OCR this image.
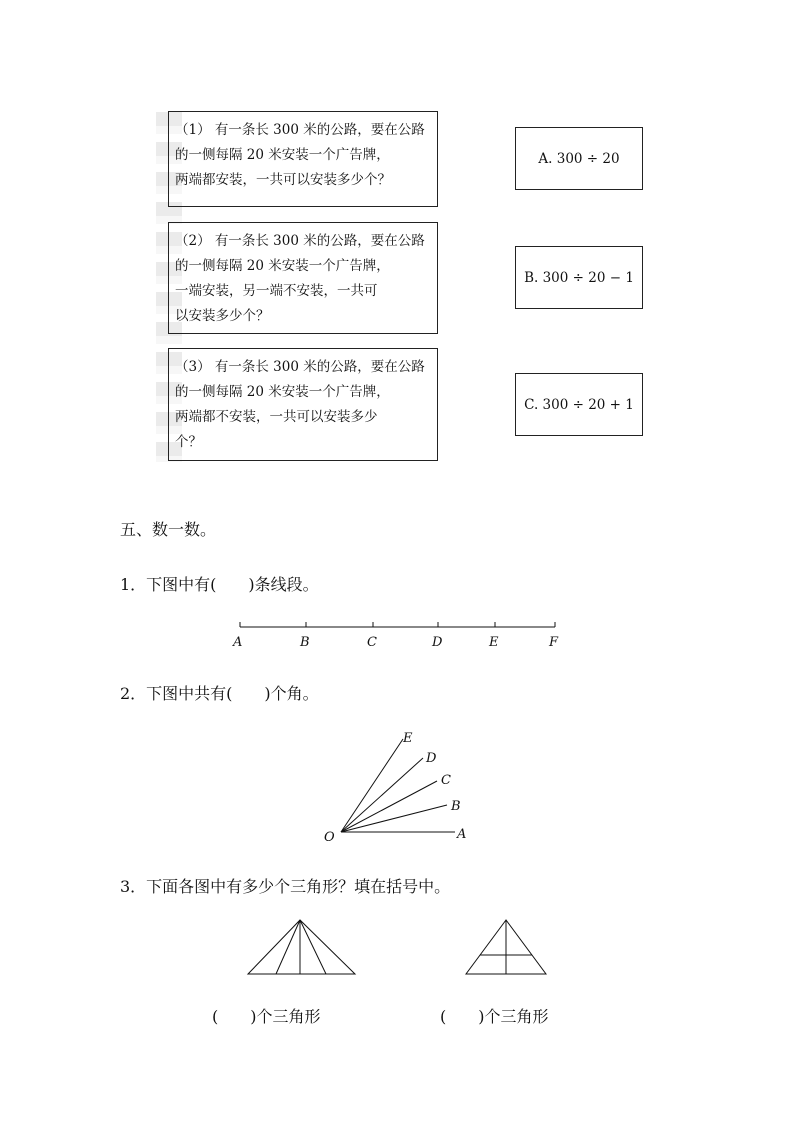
（1） 有一条长 300 米的公路，要在公路
的一侧每隔 20 米安装一个广告牌，
两端都安装，一共可以安装多少个？
（2） 有一条长 300 米的公路，要在公路
的一侧每隔 20 米安装一个广告牌，
一端安装，另一端不安装，一共可
以安装多少个？
（3） 有一条长 300 米的公路，要在公路
的一侧每隔 20 米安装一个广告牌，
两端都不安装，一共可以安装多少
个？
A. 300 ÷ 20
B. 300 ÷ 20 − 1
C. 300 ÷ 20 + 1
五、数一数。
1．下图中有(　　)条线段。
A	B	C	D	E	F
2．下图中共有(　　)个角。
O	A
B
C
D
E
3．下面各图中有多少个三角形？填在括号中。
(　　)个三角形	(　　)个三角形
